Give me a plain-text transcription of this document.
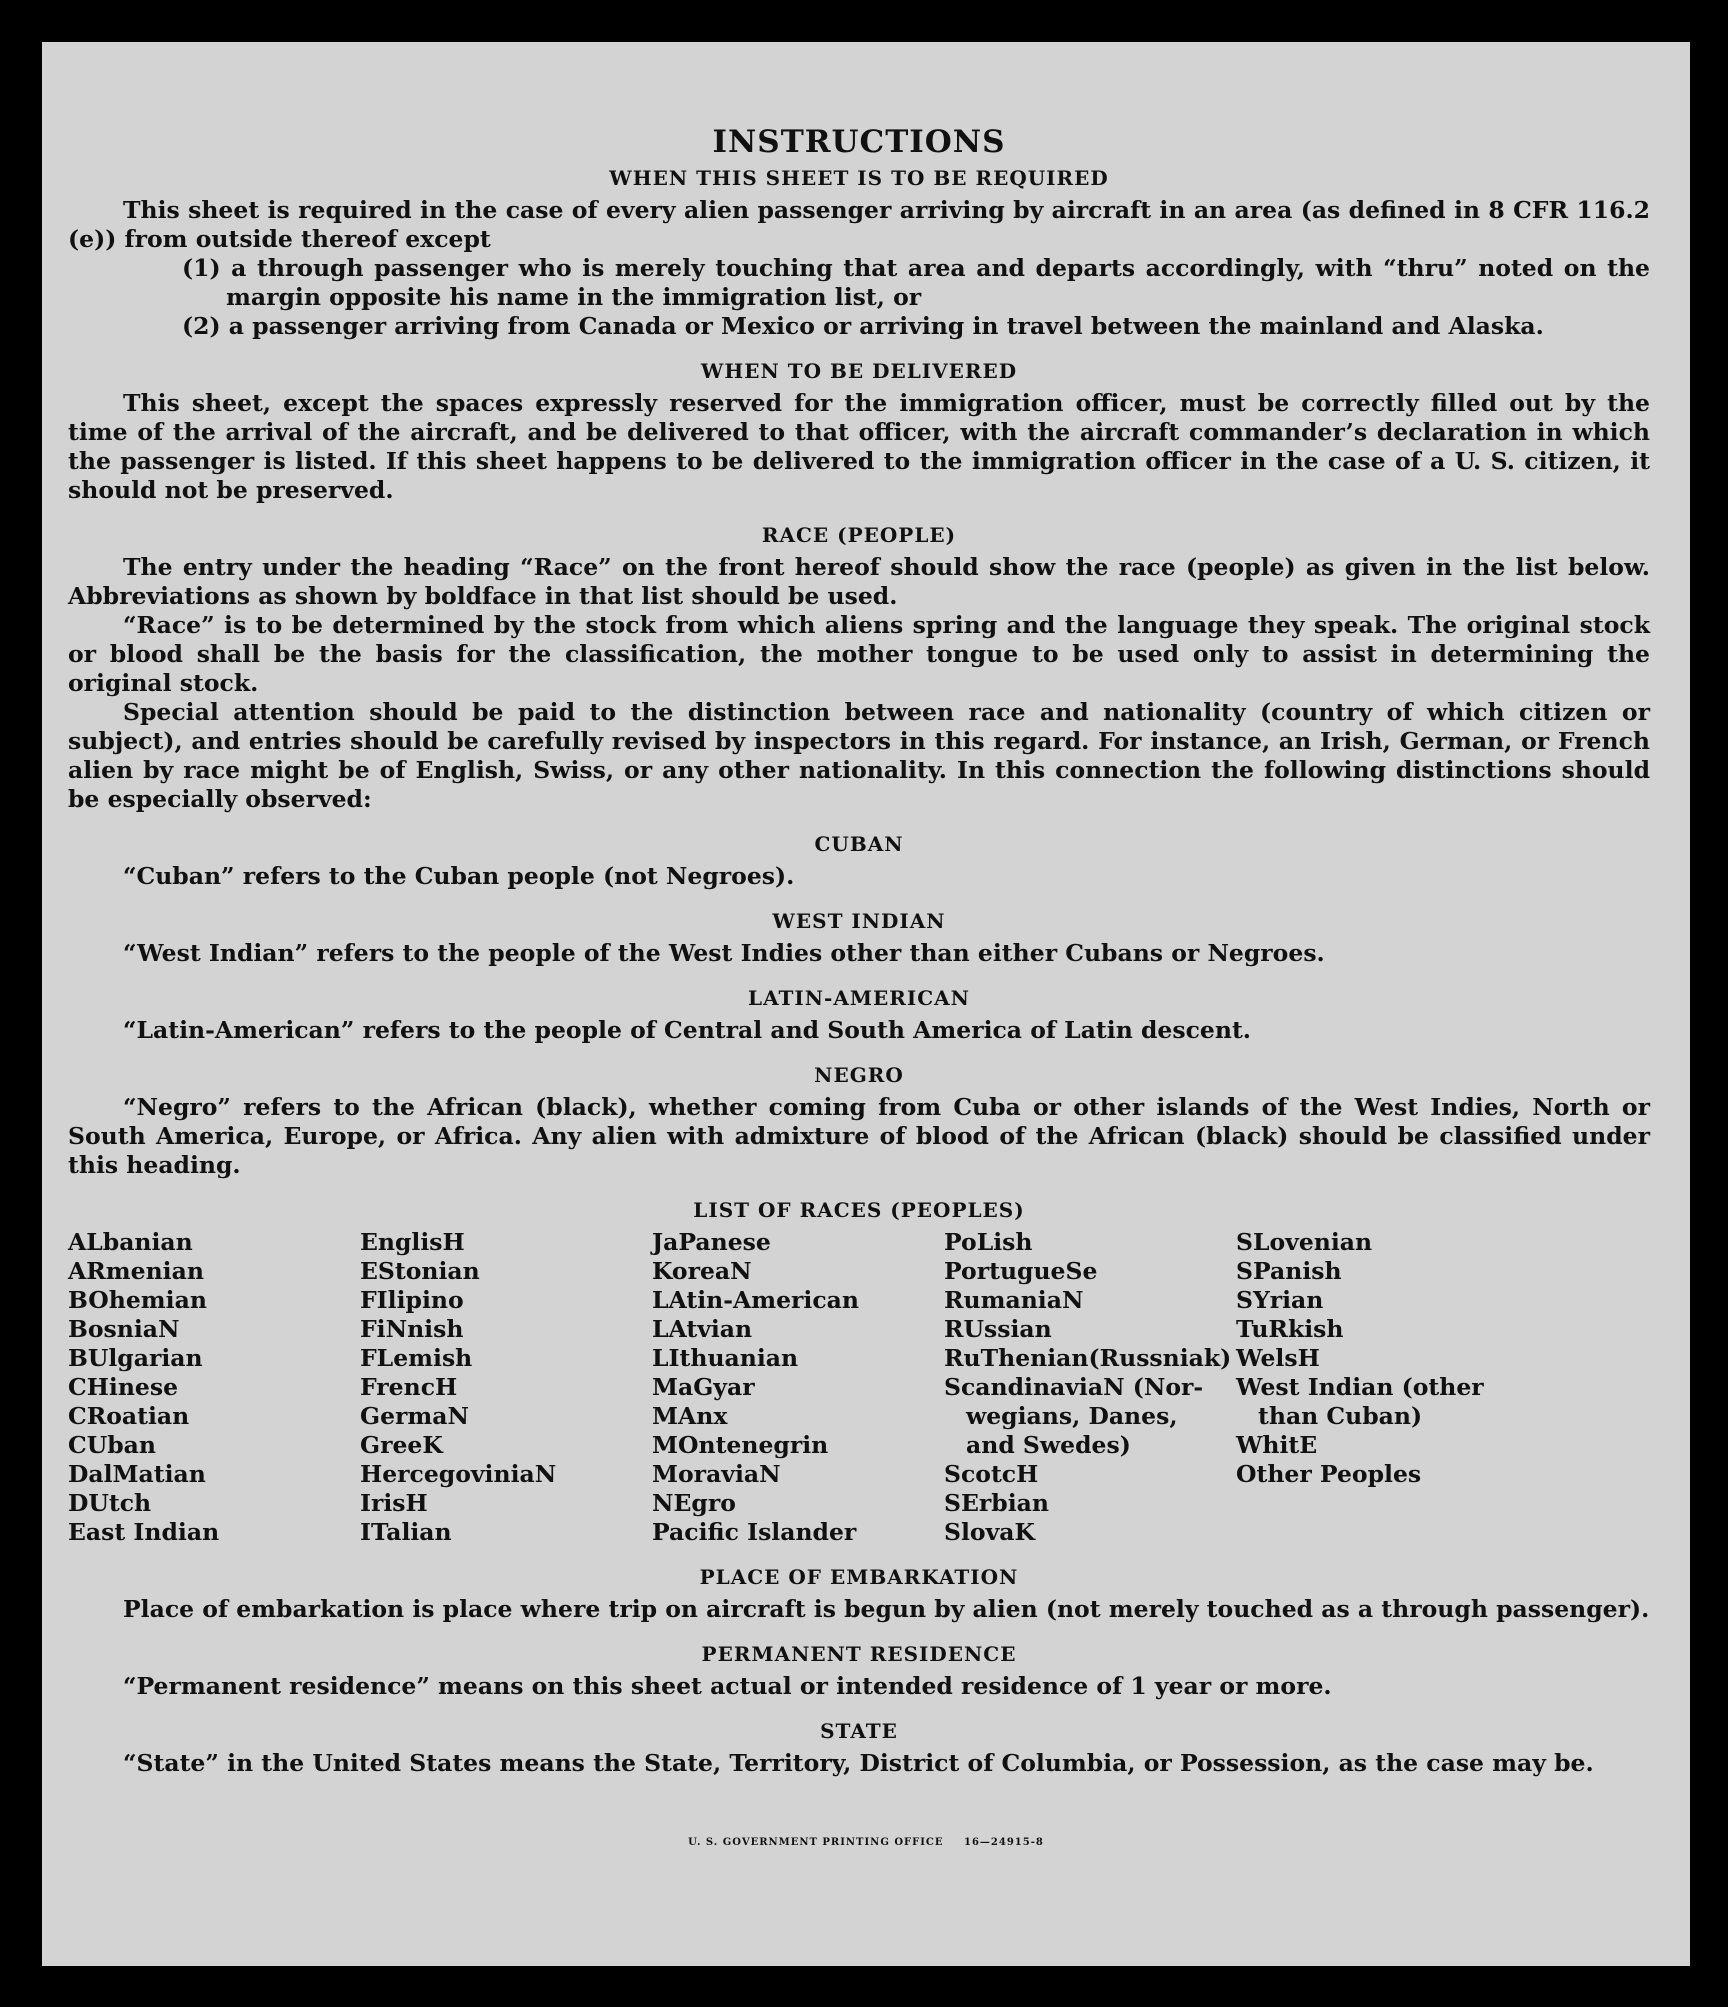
INSTRUCTIONS
WHEN THIS SHEET IS TO BE REQUIRED

This sheet is required in the case of every alien passenger arriving by aircraft in an area (as defined in 8 CFR 116.2 (e)) from outside thereof except

(1) a through passenger who is merely touching that area and departs accordingly, with “thru” noted on the margin opposite his name in the immigration list, or
(2) a passenger arriving from Canada or Mexico or arriving in travel between the mainland and Alaska.
WHEN TO BE DELIVERED

This sheet, except the spaces expressly reserved for the immigration officer, must be correctly filled out by the time of the arrival of the aircraft, and be delivered to that officer, with the aircraft commander’s declaration in which the passenger is listed. If this sheet happens to be delivered to the immigration officer in the case of a U. S. citizen, it should not be preserved.

RACE (PEOPLE)

The entry under the heading “Race” on the front hereof should show the race (people) as given in the list below. Abbreviations as shown by boldface in that list should be used.

“Race” is to be determined by the stock from which aliens spring and the language they speak. The original stock or blood shall be the basis for the classification, the mother tongue to be used only to assist in determining the original stock.

Special attention should be paid to the distinction between race and nationality (country of which citizen or subject), and entries should be carefully revised by inspectors in this regard. For instance, an Irish, German, or French alien by race might be of English, Swiss, or any other nationality. In this connection the following distinctions should be especially observed:

CUBAN

“Cuban” refers to the Cuban people (not Negroes).

WEST INDIAN

“West Indian” refers to the people of the West Indies other than either Cubans or Negroes.

LATIN-AMERICAN

“Latin-American” refers to the people of Central and South America of Latin descent.

NEGRO

“Negro” refers to the African (black), whether coming from Cuba or other islands of the West Indies, North or South America, Europe, or Africa. Any alien with admixture of blood of the African (black) should be classified under this heading.

LIST OF RACES (PEOPLES)
ALbanian
ARmenian
BOhemian
BosniaN
BUlgarian
CHinese
CRoatian
CUban
DalMatian
DUtch
East Indian
EnglisH
EStonian
FIlipino
FiNnish
FLemish
FrencH
GermaN
GreeK
HercegoviniaN
IrisH
ITalian
JaPanese
KoreaN
LAtin-American
LAtvian
LIthuanian
MaGyar
MAnx
MOntenegrin
MoraviaN
NEgro
Pacific Islander
PoLish
PortugueSe
RumaniaN
RUssian
RuThenian(Russniak)
ScandinaviaN (Nor-
wegians, Danes,
and Swedes)
ScotcH
SErbian
SlovaK
SLovenian
SPanish
SYrian
TuRkish
WelsH
West Indian (other
than Cuban)
WhitE
Other Peoples
PLACE OF EMBARKATION

Place of embarkation is place where trip on aircraft is begun by alien (not merely touched as a through passenger).

PERMANENT RESIDENCE

“Permanent residence” means on this sheet actual or intended residence of 1 year or more.

STATE

“State” in the United States means the State, Territory, District of Columbia, or Possession, as the case may be.

U. S. GOVERNMENT PRINTING OFFICE 16—24915-8
